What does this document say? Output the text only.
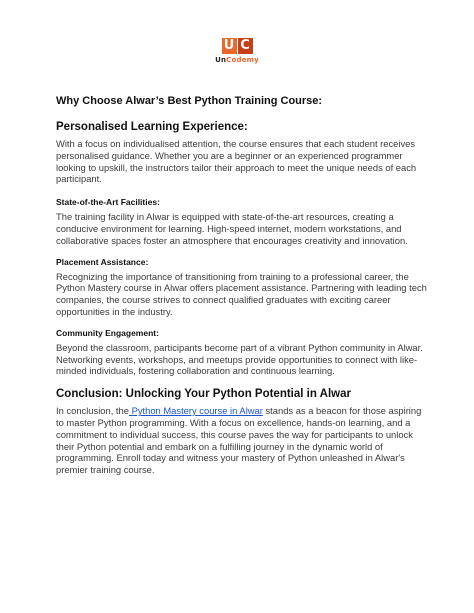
U C
UnCodemy
Why Choose Alwar’s Best Python Training Course:
Personalised Learning Experience:

With a focus on individualised attention, the course ensures that each student receives personalised guidance. Whether you are a beginner or an experienced programmer looking to upskill, the instructors tailor their approach to meet the unique needs of each participant.

State-of-the-Art Facilities:

The training facility in Alwar is equipped with state-of-the-art resources, creating a conducive environment for learning. High-speed internet, modern workstations, and collaborative spaces foster an atmosphere that encourages creativity and innovation.

Placement Assistance:

Recognizing the importance of transitioning from training to a professional career, the Python Mastery course in Alwar offers placement assistance. Partnering with leading tech companies, the course strives to connect qualified graduates with exciting career opportunities in the industry.

Community Engagement:

Beyond the classroom, participants become part of a vibrant Python community in Alwar. Networking events, workshops, and meetups provide opportunities to connect with like-minded individuals, fostering collaboration and continuous learning.

Conclusion: Unlocking Your Python Potential in Alwar

In conclusion, the Python Mastery course in Alwar stands as a beacon for those aspiring to master Python programming. With a focus on excellence, hands-on learning, and a commitment to individual success, this course paves the way for participants to unlock their Python potential and embark on a fulfilling journey in the dynamic world of programming. Enroll today and witness your mastery of Python unleashed in Alwar's premier training course.
